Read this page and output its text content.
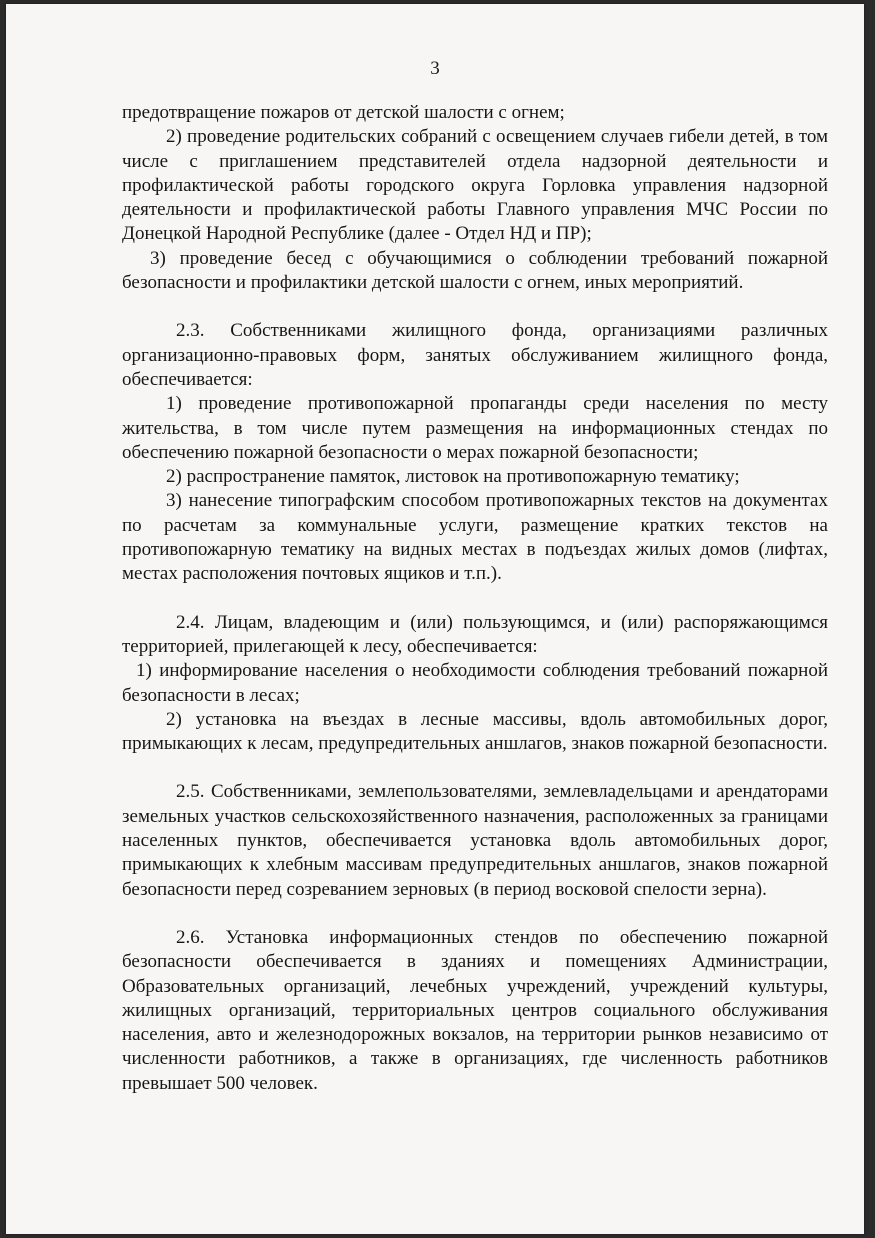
3

предотвращение пожаров от детской шалости с огнем;

2) проведение родительских собраний с освещением случаев гибели детей, в том числе с приглашением представителей отдела надзорной деятельности и профилактической работы городского округа Горловка управления надзорной деятельности и профилактической работы Главного управления МЧС России по Донецкой Народной Республике (далее - Отдел НД и ПР);

3) проведение бесед с обучающимися о соблюдении требований пожарной безопасности и профилактики детской шалости с огнем, иных мероприятий.

2.3. Собственниками жилищного фонда, организациями различных организационно-правовых форм, занятых обслуживанием жилищного фонда, обеспечивается:

1) проведение противопожарной пропаганды среди населения по месту жительства, в том числе путем размещения на информационных стендах по обеспечению пожарной безопасности о мерах пожарной безопасности;

2) распространение памяток, листовок на противопожарную тематику;

3) нанесение типографским способом противопожарных текстов на документах по расчетам за коммунальные услуги, размещение кратких текстов на противопожарную тематику на видных местах в подъездах жилых домов (лифтах, местах расположения почтовых ящиков и т.п.).

2.4. Лицам, владеющим и (или) пользующимся, и (или) распоряжающимся территорией, прилегающей к лесу, обеспечивается:

1) информирование населения о необходимости соблюдения требований пожарной безопасности в лесах;

2) установка на въездах в лесные массивы, вдоль автомобильных дорог, примыкающих к лесам, предупредительных аншлагов, знаков пожарной безопасности.

2.5. Собственниками, землепользователями, землевладельцами и арендаторами земельных участков сельскохозяйственного назначения, расположенных за границами населенных пунктов, обеспечивается установка вдоль автомобильных дорог, примыкающих к хлебным массивам предупредительных аншлагов, знаков пожарной безопасности перед созреванием зерновых (в период восковой спелости зерна).

2.6. Установка информационных стендов по обеспечению пожарной безопасности обеспечивается в зданиях и помещениях Администрации, Образовательных организаций, лечебных учреждений, учреждений культуры, жилищных организаций, территориальных центров социального обслуживания населения, авто и железнодорожных вокзалов, на территории рынков независимо от численности работников, а также в организациях, где численность работников превышает 500 человек.
